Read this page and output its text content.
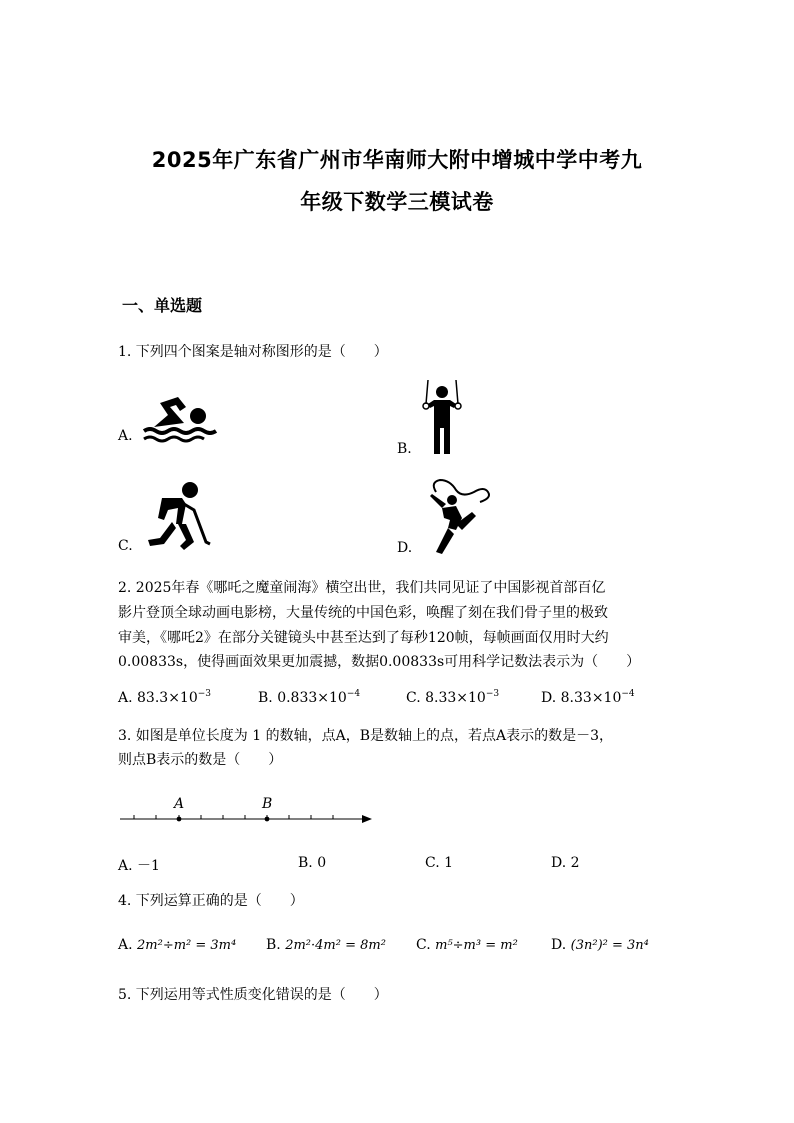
2025年广东省广州市华南师大附中增城中学中考九
年级下数学三模试卷
一、单选题
1. 下列四个图案是轴对称图形的是（　　）
A.
B.
C.	D.
2. 2025年春《哪吒之魔童闹海》横空出世，我们共同见证了中国影视首部百亿
影片登顶全球动画电影榜，大量传统的中国色彩，唤醒了刻在我们骨子里的极致
审美，《哪吒2》在部分关键镜头中甚至达到了每秒120帧，每帧画面仅用时大约
0.00833s，使得画面效果更加震撼，数据0.00833s可用科学记数法表示为（　　）
A. $83.3\times 10^{-3}$	B. $0.833\times 10^{-4}$	C. $8.33\times 10^{-3}$	D. $8.33\times 10^{-4}$
3. 如图是单位长度为 1 的数轴，点A，B是数轴上的点，若点A表示的数是－3，
则点B表示的数是（　　）
A	B
A. －1	B. 0	C. 1	D. 2
4. 下列运算正确的是（　　）
A. 2m²÷m² = 3m⁴ B. 2m²·4m² = 8m² C. m⁵÷m³ = m² D. (3n²)² = 3n⁴
5. 下列运用等式性质变化错误的是（　　）
